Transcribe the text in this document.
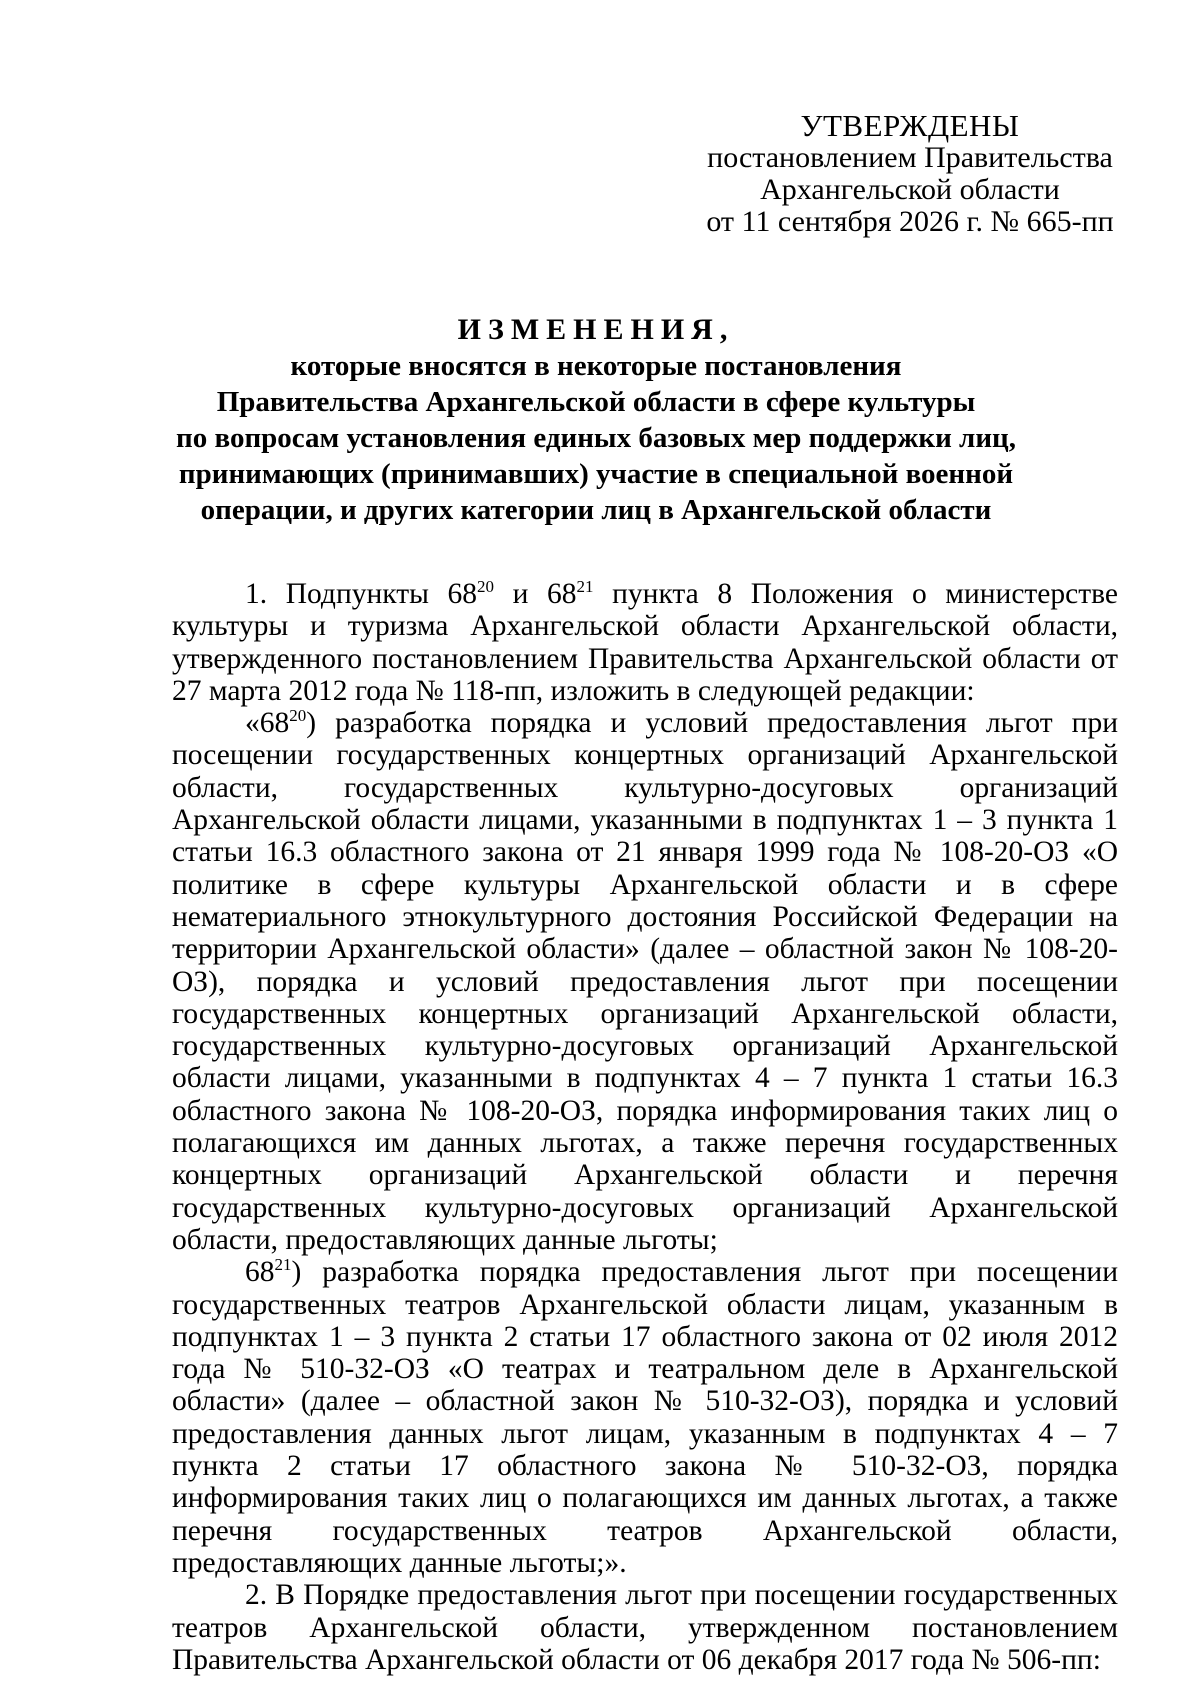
УТВЕРЖДЕНЫ
постановлением Правительства
Архангельской области
от 11 сентября 2026 г. № 665-пп
ИЗМЕНЕНИЯ,
которые вносятся в некоторые постановления
Правительства Архангельской области в сфере культуры
по вопросам установления единых базовых мер поддержки лиц,
принимающих (принимавших) участие в специальной военной
операции, и других категории лиц в Архангельской области

1. Подпункты $68^{20}$ и $68^{21}$ пункта 8 Положения о министерстве культуры и туризма Архангельской области Архангельской области, утвержденного постановлением Правительства Архангельской области от 27 марта 2012 года № 118-пп, изложить в следующей редакции:

«$68^{20}$) разработка порядка и условий предоставления льгот при посещении государственных концертных организаций Архангельской области, государственных культурно-досуговых организаций Архангельской области лицами, указанными в подпунктах 1 – 3 пункта 1 статьи 16.3 областного закона от 21 января 1999 года № 108-20-ОЗ «О политике в сфере культуры Архангельской области и в сфере нематериального этнокультурного достояния Российской Федерации на территории Архангельской области» (далее – областной закон № 108-20-ОЗ), порядка и условий предоставления льгот при посещении государственных концертных организаций Архангельской области, государственных культурно-досуговых организаций Архангельской области лицами, указанными в подпунктах 4 – 7 пункта 1 статьи 16.3 областного закона № 108-20-ОЗ, порядка информирования таких лиц о полагающихся им данных льготах, а также перечня государственных концертных организаций Архангельской области и перечня государственных культурно-досуговых организаций Архангельской области, предоставляющих данные льготы;

$68^{21}$) разработка порядка предоставления льгот при посещении государственных театров Архангельской области лицам, указанным в подпунктах 1 – 3 пункта 2 статьи 17 областного закона от 02 июля 2012 года № 510-32-ОЗ «О театрах и театральном деле в Архангельской области» (далее – областной закон № 510-32-ОЗ), порядка и условий предоставления данных льгот лицам, указанным в подпунктах 4 – 7 пункта 2 статьи 17 областного закона № 510-32-ОЗ, порядка информирования таких лиц о полагающихся им данных льготах, а также перечня государственных театров Архангельской области, предоставляющих данные льготы;».

2. В Порядке предоставления льгот при посещении государственных театров Архангельской области, утвержденном постановлением Правительства Архангельской области от 06 декабря 2017 года № 506-пп:
